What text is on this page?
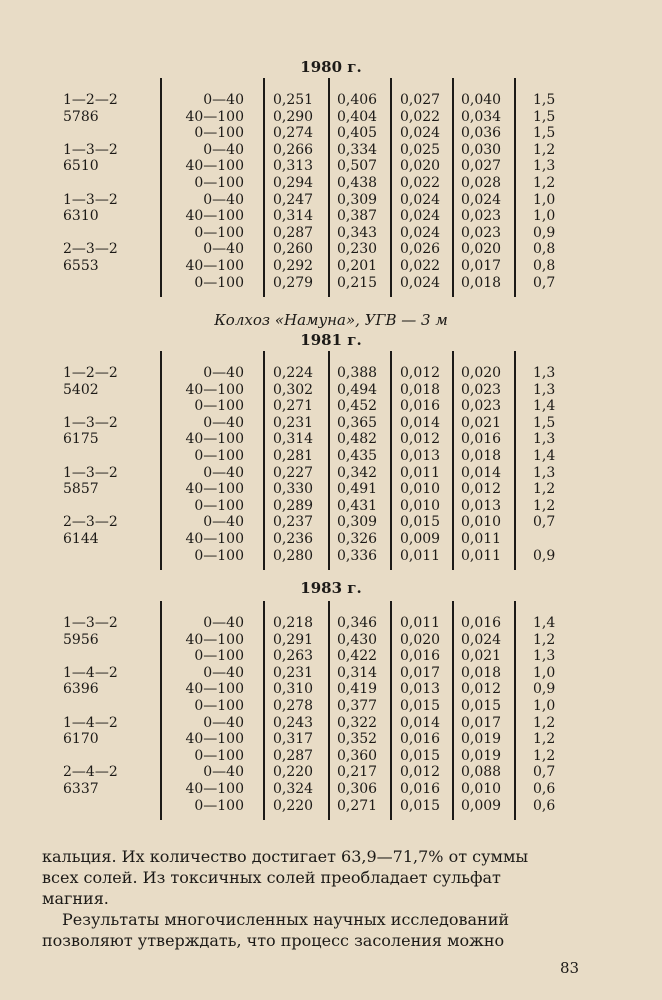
1980 г.
1—2—2	0—40 0,251	0,406	0,027	0,040	1,5
5786	40—100 0,290	0,404	0,022	0,034	1,5
0—100 0,274	0,405	0,024	0,036	1,5
1—3—2	0—40 0,266	0,334	0,025	0,030	1,2
6510	40—100 0,313	0,507	0,020	0,027	1,3
0—100 0,294	0,438	0,022	0,028	1,2
1—3—2	0—40 0,247	0,309	0,024	0,024	1,0
6310	40—100 0,314	0,387	0,024	0,023	1,0
0—100 0,287	0,343	0,024	0,023	0,9
2—3—2	0—40 0,260	0,230	0,026	0,020	0,8
6553	40—100 0,292	0,201	0,022	0,017	0,8
0—100 0,279	0,215	0,024	0,018	0,7
Колхоз «Намуна», УГВ — 3 м
1981 г.
1—2—2	0—40 0,224	0,388	0,012	0,020	1,3
5402	40—100 0,302	0,494	0,018	0,023	1,3
0—100 0,271	0,452	0,016	0,023	1,4
1—3—2	0—40 0,231	0,365	0,014	0,021	1,5
6175	40—100 0,314	0,482	0,012	0,016	1,3
0—100 0,281	0,435	0,013	0,018	1,4
1—3—2	0—40 0,227	0,342	0,011	0,014	1,3
5857	40—100 0,330	0,491	0,010	0,012	1,2
0—100 0,289	0,431	0,010	0,013	1,2
2—3—2	0—40 0,237	0,309	0,015	0,010	0,7
6144	40—100 0,236	0,326	0,009	0,011
0—100 0,280	0,336	0,011	0,011	0,9
1983 г.
1—3—2	0—40 0,218	0,346	0,011	0,016	1,4
5956	40—100 0,291	0,430	0,020	0,024	1,2
0—100 0,263	0,422	0,016	0,021	1,3
1—4—2	0—40 0,231	0,314	0,017	0,018	1,0
6396	40—100 0,310	0,419	0,013	0,012	0,9
0—100 0,278	0,377	0,015	0,015	1,0
1—4—2	0—40 0,243	0,322	0,014	0,017	1,2
6170	40—100 0,317	0,352	0,016	0,019	1,2
0—100 0,287	0,360	0,015	0,019	1,2
2—4—2	0—40 0,220	0,217	0,012	0,088	0,7
6337	40—100 0,324	0,306	0,016	0,010	0,6
0—100 0,220	0,271	0,015	0,009	0,6
кальция. Их количество достигает 63,9—71,7% от суммы
всех солей. Из токсичных солей преобладает сульфат
магния.
Результаты многочисленных научных исследований
позволяют утверждать, что процесс засоления можно
83
